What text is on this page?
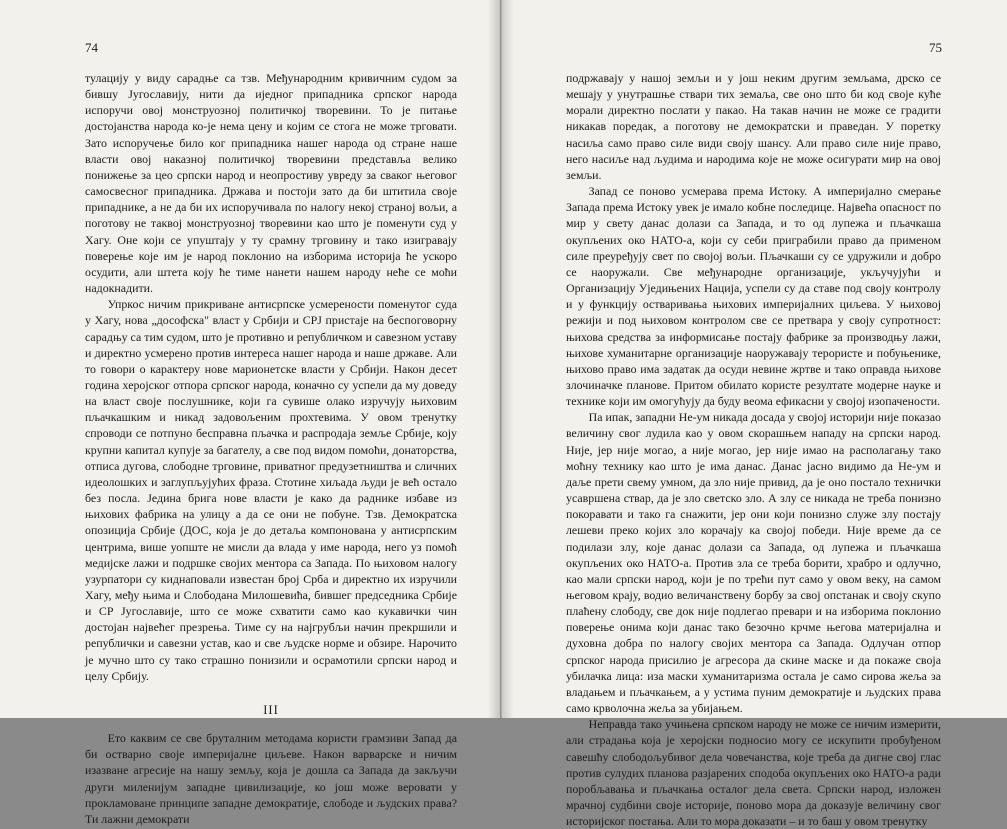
74

тулацију у виду сарадње са тзв. Међународним кривичним судом за бившу Југославију, нити да иједног припадника српског народа испоручи овој монструозној политичкој творевини. То је питање достојанства народа ко-је нема цену и којим се стога не може трговати. Зато испоручење било ког припадника нашег народа од стране наше власти овој наказној политичкој творевини представља велико понижење за цео српски народ и неопростиву увреду за сваког његовог самосвесног припадника. Држава и постоји зато да би штитила своје припаднике, а не да би их испоручивала по налогу некој страној вољи, а поготову не таквој монструозној творевини као што је поменути суд у Хагу. Оне који се упуштају у ту срамну трговину и тако изигравају поверење које им је народ поклонио на изборима историја ће ускоро осудити, али штета коју ће тиме нанети нашем народу неће се моћи надокнадити.

Упркос ничим прикриване антисрпске усмерености поменутог суда у Хагу, нова „дософска" власт у Србији и СРЈ пристаје на беспоговорну сарадњу са тим судом, што је противно и републичком и савезном уставу и директно усмерено против интереса нашег народа и наше државе. Али то говори о карактеру нове марионетске власти у Србији. Након десет година херојског отпора српског народа, коначно су успели да му доведу на власт своје послушнике, који га сувише олако изручују њиховим пљачкашким и никад задовољеним прохтевима. У овом тренутку спроводи се потпуно бесправна пљачка и распродаја земље Србије, коју крупни капитал купује за багателу, а све под видом помоћи, донаторства, отписа дугова, слободне трговине, приватног предузетништва и сличних идеолошких и заглупљујућих фраза. Стотине хиљада људи је већ остало без посла. Једина брига нове власти је како да раднике избаве из њихових фабрика на улицу а да се они не побуне. Тзв. Демократска опозиција Србије (ДОС, која је до детаља компонована у антисрпским центрима, више уопште не мисли да влада у име народа, него уз помоћ медијске лажи и подршке својих ментора са Запада. По њиховом налогу узурпатори су киднаповали известан број Срба и директно их изручили Хагу, међу њима и Слободана Милошевића, бившег председника Србије и СР Југославије, што се може схватити само као кукавички чин достојан највећег презрења. Тиме су на најгрубљи начин прекршили и републички и савезни устав, као и све људске норме и обзире. Нарочито је мучно што су тако страшно понизили и осрамотили српски народ и целу Србију.

III

Ето каквим се све бруталним методама користи грамзиви Запад да би остварио своје империјалне циљеве. Након варварске и ничим изазване агресије на нашу земљу, која је дошла са Запада да закључи други милениjум западне цивилизације, ко још може веровати у прокламоване принципе западне демократије, слободе и људских права? Ти лажни демократи

75

подржавају у нашој земљи и у још неким другим земљама, дрско се мешају у унутрашње ствари тих земаља, све оно што би код своје куће морали директно послати у пакао. На такав начин не може се градити никакав поредак, а поготову не демократски и праведан. У поретку насиља само право силе види своју шансу. Али право силе није право, него насиље над људима и народима које не може осигурати мир на овој земљи.

Запад се поново усмерава према Истоку. А империјално смерање Запада према Истоку увек је имало кобне последице. Највећа опасност по мир у свету данас долази са Запада, и то од лупежа и пљачкаша окупљених око НАТО-а, који су себи пригрaбили право да применом силе преуређују свет по својој вољи. Пљачкаши су се удружили и добро се наоружали. Све међународне организације, укључујући и Организацију Уједињених Нација, успели су да ставе под своју контролу и у функцију остваривања њихових империјалних циљева. У њиховој режији и под њиховом контролом све се претвара у своју супротност: њихова средства за информисање постају фабрике за производњу лажи, њихове хуманитарне организације наоружавају терористе и побуњенике, њихово право има задатак да осуди невине жртве и тако оправда њихове злочиначке планове. Притом обилато користе резултате модерне науке и технике који им омогућују да буду веома ефикасни у својој изопачености.

Па ипак, западни Не-ум никада досада у својој историји није показао величину свог лудила као у овом скорашњем нападу на српски народ. Није, јер није могао, а није могао, јер није имао на располагању тако моћну технику као што је има данас. Данас јасно видимо да Не-ум и даље прети свему умном, да зло није привид, да је оно постало технички усавршена ствар, да је зло светско зло. А злу се никада не треба понизно покоравати и тако га снажити, јер они који понизно служе злу постају лешеви преко којих зло корачају ка својој победи. Није време да се подилази злу, које данас долази са Запада, од лупежа и пљачкаша окупљених око НАТО-а. Против зла се треба борити, храбро и одлучно, као мали српски народ, који је по трећи пут само у овом веку, на самом његовом крају, водио величанствену борбу за свој опстанак и своју скупо плаћену слободу, све док није подлегао превари и на изборима поклонио поверење онима који данас тако безочно крчме његова материјална и духовна добра по налогу својих ментора са Запада. Одлучан отпор српског народа присилио је агресора да скине маске и да покаже своја убилачка лица: иза маски хуманитаризма остала је само сирова жеља за владањем и пљачкањем, а у устима пуним демократије и људских права само крволочна жеља за убијањем.

Неправда тако учињена српском народу не може се ничим измерити, али страдања која је херојски подносио могу се искупити пробуђеном савешћу слободољубивог дела човечанства, које треба да дигне свој глас против сулудих планова разјарених сподоба окупљених око НАТО-а ради поробљавања и пљачкања осталог дела света. Српски народ, изложен мрачној судбини своје историје, поново мора да доказује величину свог историјског постања. Али то мора доказати – и то баш у овом тренутку
